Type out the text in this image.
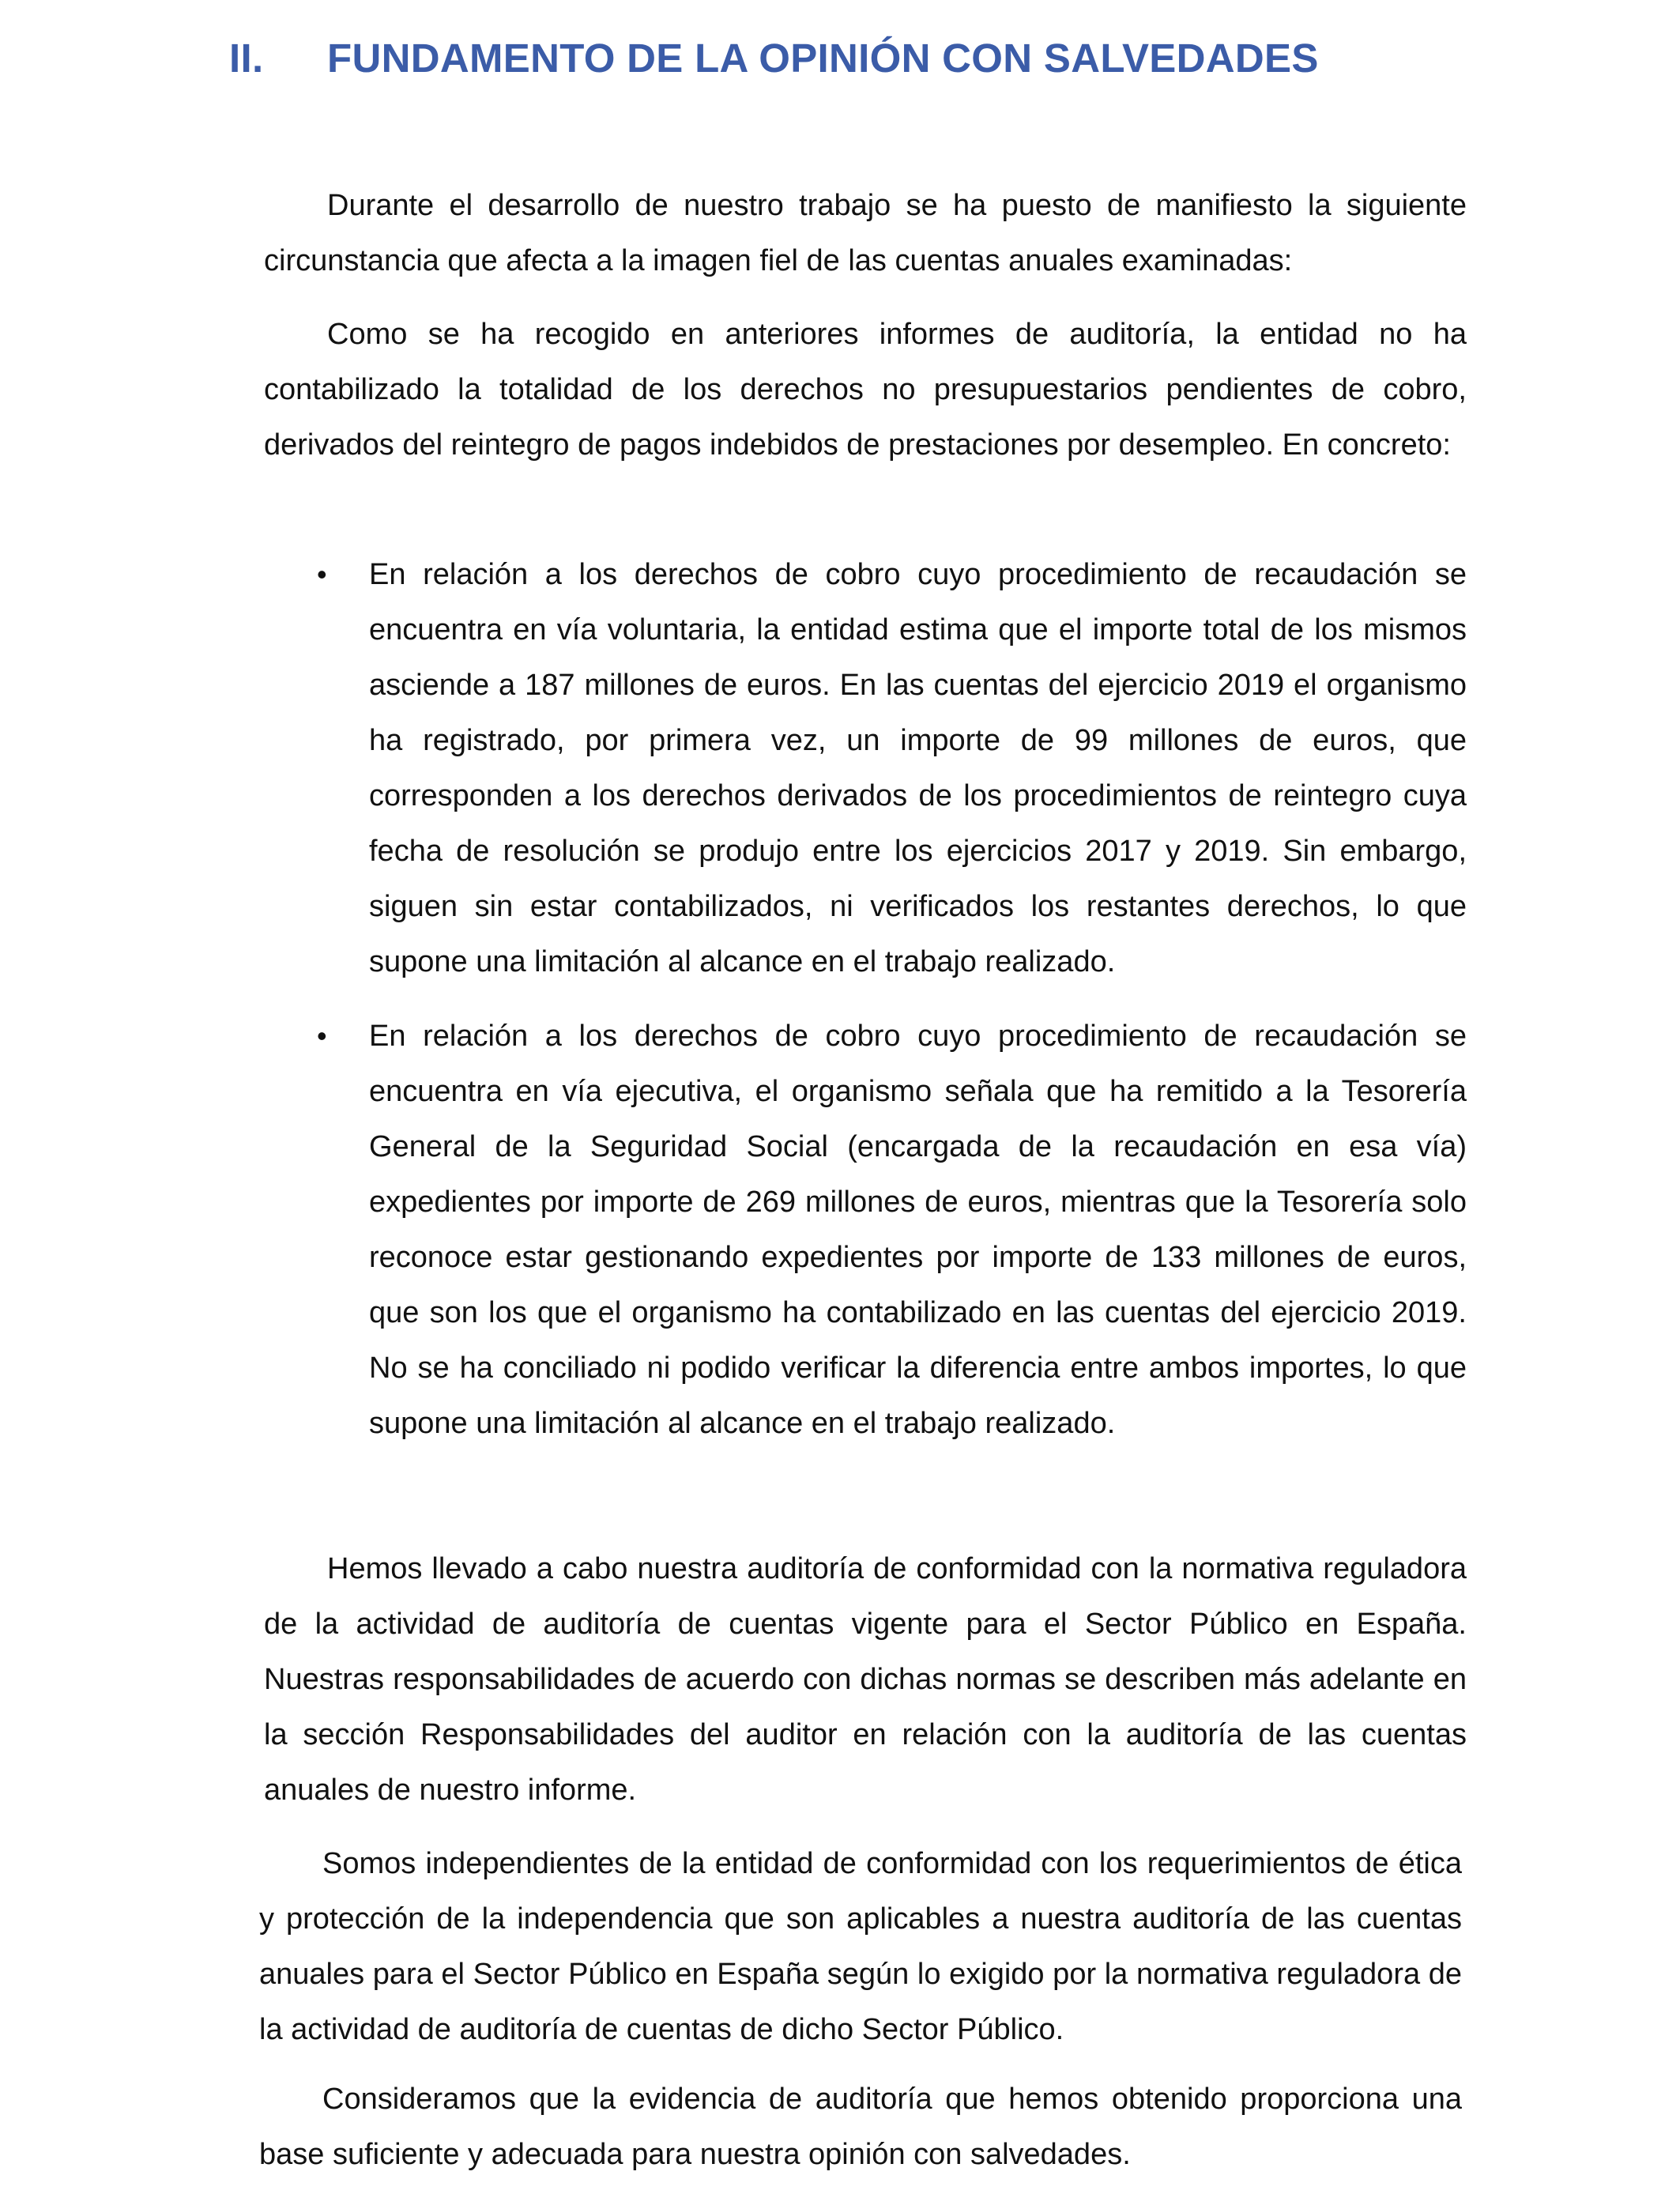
II.	FUNDAMENTO DE LA OPINIÓN CON SALVEDADES

Durante el desarrollo de nuestro trabajo se ha puesto de manifiesto la siguiente circunstancia que afecta a la imagen fiel de las cuentas anuales examinadas:

Como se ha recogido en anteriores informes de auditoría, la entidad no ha contabilizado la totalidad de los derechos no presupuestarios pendientes de cobro, derivados del reintegro de pagos indebidos de prestaciones por desempleo. En concreto:

• En relación a los derechos de cobro cuyo procedimiento de recaudación se encuentra en vía voluntaria, la entidad estima que el importe total de los mismos asciende a 187 millones de euros. En las cuentas del ejercicio 2019 el organismo ha registrado, por primera vez, un importe de 99 millones de euros, que corresponden a los derechos derivados de los procedimientos de reintegro cuya fecha de resolución se produjo entre los ejercicios 2017 y 2019. Sin embargo, siguen sin estar contabilizados, ni verificados los restantes derechos, lo que supone una limitación al alcance en el trabajo realizado.
• En relación a los derechos de cobro cuyo procedimiento de recaudación se encuentra en vía ejecutiva, el organismo señala que ha remitido a la Tesorería General de la Seguridad Social (encargada de la recaudación en esa vía) expedientes por importe de 269 millones de euros, mientras que la Tesorería solo reconoce estar gestionando expedientes por importe de 133 millones de euros, que son los que el organismo ha contabilizado en las cuentas del ejercicio 2019. No se ha conciliado ni podido verificar la diferencia entre ambos importes, lo que supone una limitación al alcance en el trabajo realizado.

Hemos llevado a cabo nuestra auditoría de conformidad con la normativa reguladora de la actividad de auditoría de cuentas vigente para el Sector Público en España. Nuestras responsabilidades de acuerdo con dichas normas se describen más adelante en la sección Responsabilidades del auditor en relación con la auditoría de las cuentas anuales de nuestro informe.

Somos independientes de la entidad de conformidad con los requerimientos de ética y protección de la independencia que son aplicables a nuestra auditoría de las cuentas anuales para el Sector Público en España según lo exigido por la normativa reguladora de la actividad de auditoría de cuentas de dicho Sector Público.

Consideramos que la evidencia de auditoría que hemos obtenido proporciona una base suficiente y adecuada para nuestra opinión con salvedades.
